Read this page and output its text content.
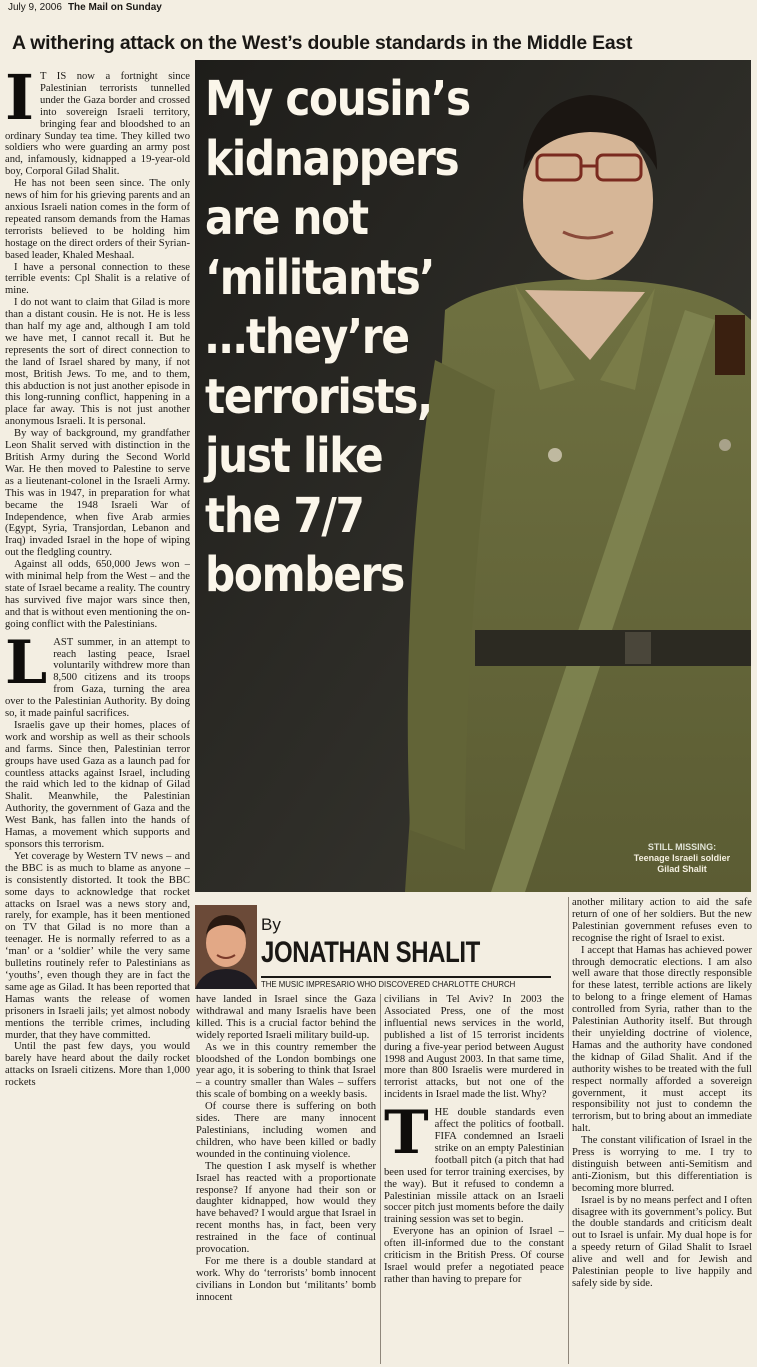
July 9, 2006 The Mail on Sunday
A withering attack on the West’s double standards in the Middle East

I T IS now a fortnight since Palestinian terrorists tunnelled under the Gaza border and crossed into sovereign Israeli territory, bringing fear and bloodshed to an ordinary Sunday tea time. They killed two soldiers who were guarding an army post and, infamously, kidnapped a 19-year-old boy, Corporal Gilad Shalit.

He has not been seen since. The only news of him for his grieving parents and an anxious Israeli nation comes in the form of repeated ransom demands from the Hamas terrorists believed to be holding him hostage on the direct orders of their Syrian-based leader, Khaled Meshaal.

I have a personal connection to these terrible events: Cpl Shalit is a relative of mine.

I do not want to claim that Gilad is more than a distant cousin. He is not. He is less than half my age and, although I am told we have met, I cannot recall it. But he represents the sort of direct connection to the land of Israel shared by many, if not most, British Jews. To me, and to them, this abduction is not just another episode in this long-running conflict, happening in a place far away. This is not just another anonymous Israeli. It is personal.

By way of background, my grandfather Leon Shalit served with distinction in the British Army during the Second World War. He then moved to Palestine to serve as a lieutenant-colonel in the Israeli Army. This was in 1947, in preparation for what became the 1948 Israeli War of Independence, when five Arab armies (Egypt, Syria, Transjordan, Lebanon and Iraq) invaded Israel in the hope of wiping out the fledgling country.

Against all odds, 650,000 Jews won – with minimal help from the West – and the state of Israel became a reality. The country has survived five major wars since then, and that is without even mentioning the on-going conflict with the Palestinians.

LAST summer, in an attempt to reach lasting peace, Israel voluntarily withdrew more than 8,500 citizens and its troops from Gaza, turning the area over to the Palestinian Authority. By doing so, it made painful sacrifices.

Israelis gave up their homes, places of work and worship as well as their schools and farms. Since then, Palestinian terror groups have used Gaza as a launch pad for countless attacks against Israel, including the raid which led to the kidnap of Gilad Shalit. Meanwhile, the Palestinian Authority, the government of Gaza and the West Bank, has fallen into the hands of Hamas, a movement which supports and sponsors this terrorism.

Yet coverage by Western TV news – and the BBC is as much to blame as anyone – is consistently distorted. It took the BBC some days to acknowledge that rocket attacks on Israel was a news story and, rarely, for example, has it been mentioned on TV that Gilad is no more than a teenager. He is normally referred to as a ‘man’ or a ‘soldier’ while the very same bulletins routinely refer to Palestinians as ‘youths’, even though they are in fact the same age as Gilad. It has been reported that Hamas wants the release of women prisoners in Israeli jails; yet almost nobody mentions the terrible crimes, including murder, that they have committed.

Until the past few days, you would barely have heard about the daily rocket attacks on Israeli citizens. More than 1,000 rockets

STILL MISSING:
Teenage Israeli soldier Gilad Shalit
My cousin’s
kidnappers
are not
‘militants’
…they’re
terrorists,
just like
the 7/7
bombers
By
JONATHAN SHALIT
THE MUSIC IMPRESARIO WHO DISCOVERED CHARLOTTE CHURCH

have landed in Israel since the Gaza withdrawal and many Israelis have been killed. This is a crucial factor behind the widely reported Israeli military build-up.

As we in this country remember the bloodshed of the London bombings one year ago, it is sobering to think that Israel – a country smaller than Wales – suffers this scale of bombing on a weekly basis.

Of course there is suffering on both sides. There are many innocent Palestinians, including women and children, who have been killed or badly wounded in the continuing violence.

The question I ask myself is whether Israel has reacted with a proportionate response? If anyone had their son or daughter kidnapped, how would they have behaved? I would argue that Israel in recent months has, in fact, been very restrained in the face of continual provocation.

For me there is a double standard at work. Why do ‘terrorists’ bomb innocent civilians in London but ‘militants’ bomb innocent

civilians in Tel Aviv? In 2003 the Associated Press, one of the most influential news services in the world, published a list of 15 terrorist incidents during a five-year period between August 1998 and August 2003. In that same time, more than 800 Israelis were murdered in terrorist attacks, but not one of the incidents in Israel made the list. Why?

THE double standards even affect the politics of football. FIFA condemned an Israeli strike on an empty Palestinian football pitch (a pitch that had been used for terror training exercises, by the way). But it refused to condemn a Palestinian missile attack on an Israeli soccer pitch just moments before the daily training session was set to begin.

Everyone has an opinion of Israel – often ill-informed due to the constant criticism in the British Press. Of course Israel would prefer a negotiated peace rather than having to prepare for

another military action to aid the safe return of one of her soldiers. But the new Palestinian government refuses even to recognise the right of Israel to exist.

I accept that Hamas has achieved power through democratic elections. I am also well aware that those directly responsible for these latest, terrible actions are likely to belong to a fringe element of Hamas controlled from Syria, rather than to the Palestinian Authority itself. But through their unyielding doctrine of violence, Hamas and the authority have condoned the kidnap of Gilad Shalit. And if the authority wishes to be treated with the full respect normally afforded a sovereign government, it must accept its responsibility not just to condemn the terrorism, but to bring about an immediate halt.

The constant vilification of Israel in the Press is worrying to me. I try to distinguish between anti-Semitism and anti-Zionism, but this differentiation is becoming more blurred.

Israel is by no means perfect and I often disagree with its government’s policy. But the double standards and criticism dealt out to Israel is unfair. My dual hope is for a speedy return of Gilad Shalit to Israel alive and well and for Jewish and Palestinian people to live happily and safely side by side.
